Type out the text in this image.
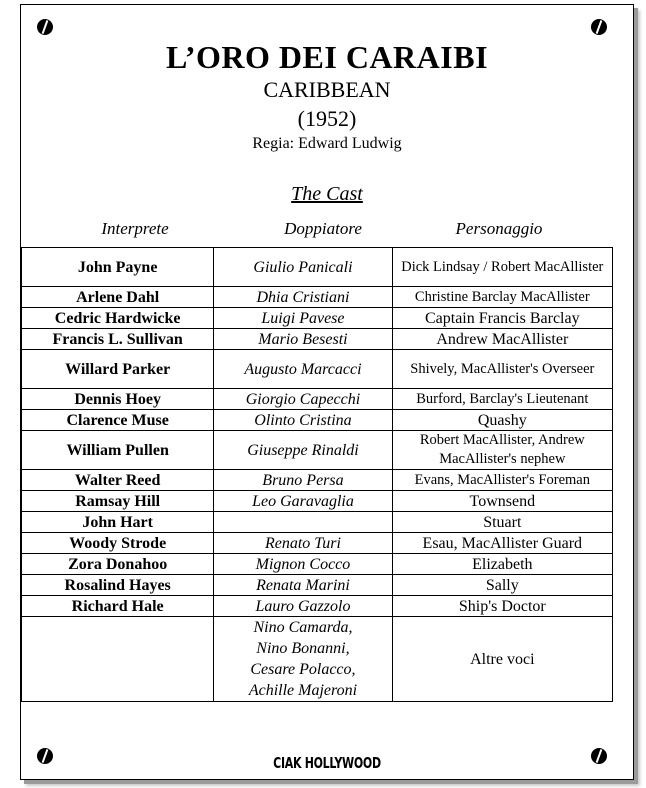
L’ORO DEI CARAIBI
CARIBBEAN
(1952)
Regia: Edward Ludwig
The Cast
Interprete	Doppiatore	Personaggio
John Payne	Giulio Panicali	Dick Lindsay / Robert MacAllister
Arlene Dahl	Dhia Cristiani	Christine Barclay MacAllister
Cedric Hardwicke	Luigi Pavese	Captain Francis Barclay
Francis L. Sullivan	Mario Besesti	Andrew MacAllister
Willard Parker	Augusto Marcacci	Shively, MacAllister's Overseer
Dennis Hoey	Giorgio Capecchi	Burford, Barclay's Lieutenant
Clarence Muse	Olinto Cristina	Quashy
William Pullen	Giuseppe Rinaldi	Robert MacAllister, Andrew MacAllister's nephew
Walter Reed	Bruno Persa	Evans, MacAllister's Foreman
Ramsay Hill	Leo Garavaglia	Townsend
John Hart		Stuart
Woody Strode	Renato Turi	Esau, MacAllister Guard
Zora Donahoo	Mignon Cocco	Elizabeth
Rosalind Hayes	Renata Marini	Sally
Richard Hale	Lauro Gazzolo	Ship's Doctor

	Nino Camarda,
Nino Bonanni,
Cesare Polacco,
Achille Majeroni	Altre voci
CIAK HOLLYWOOD
